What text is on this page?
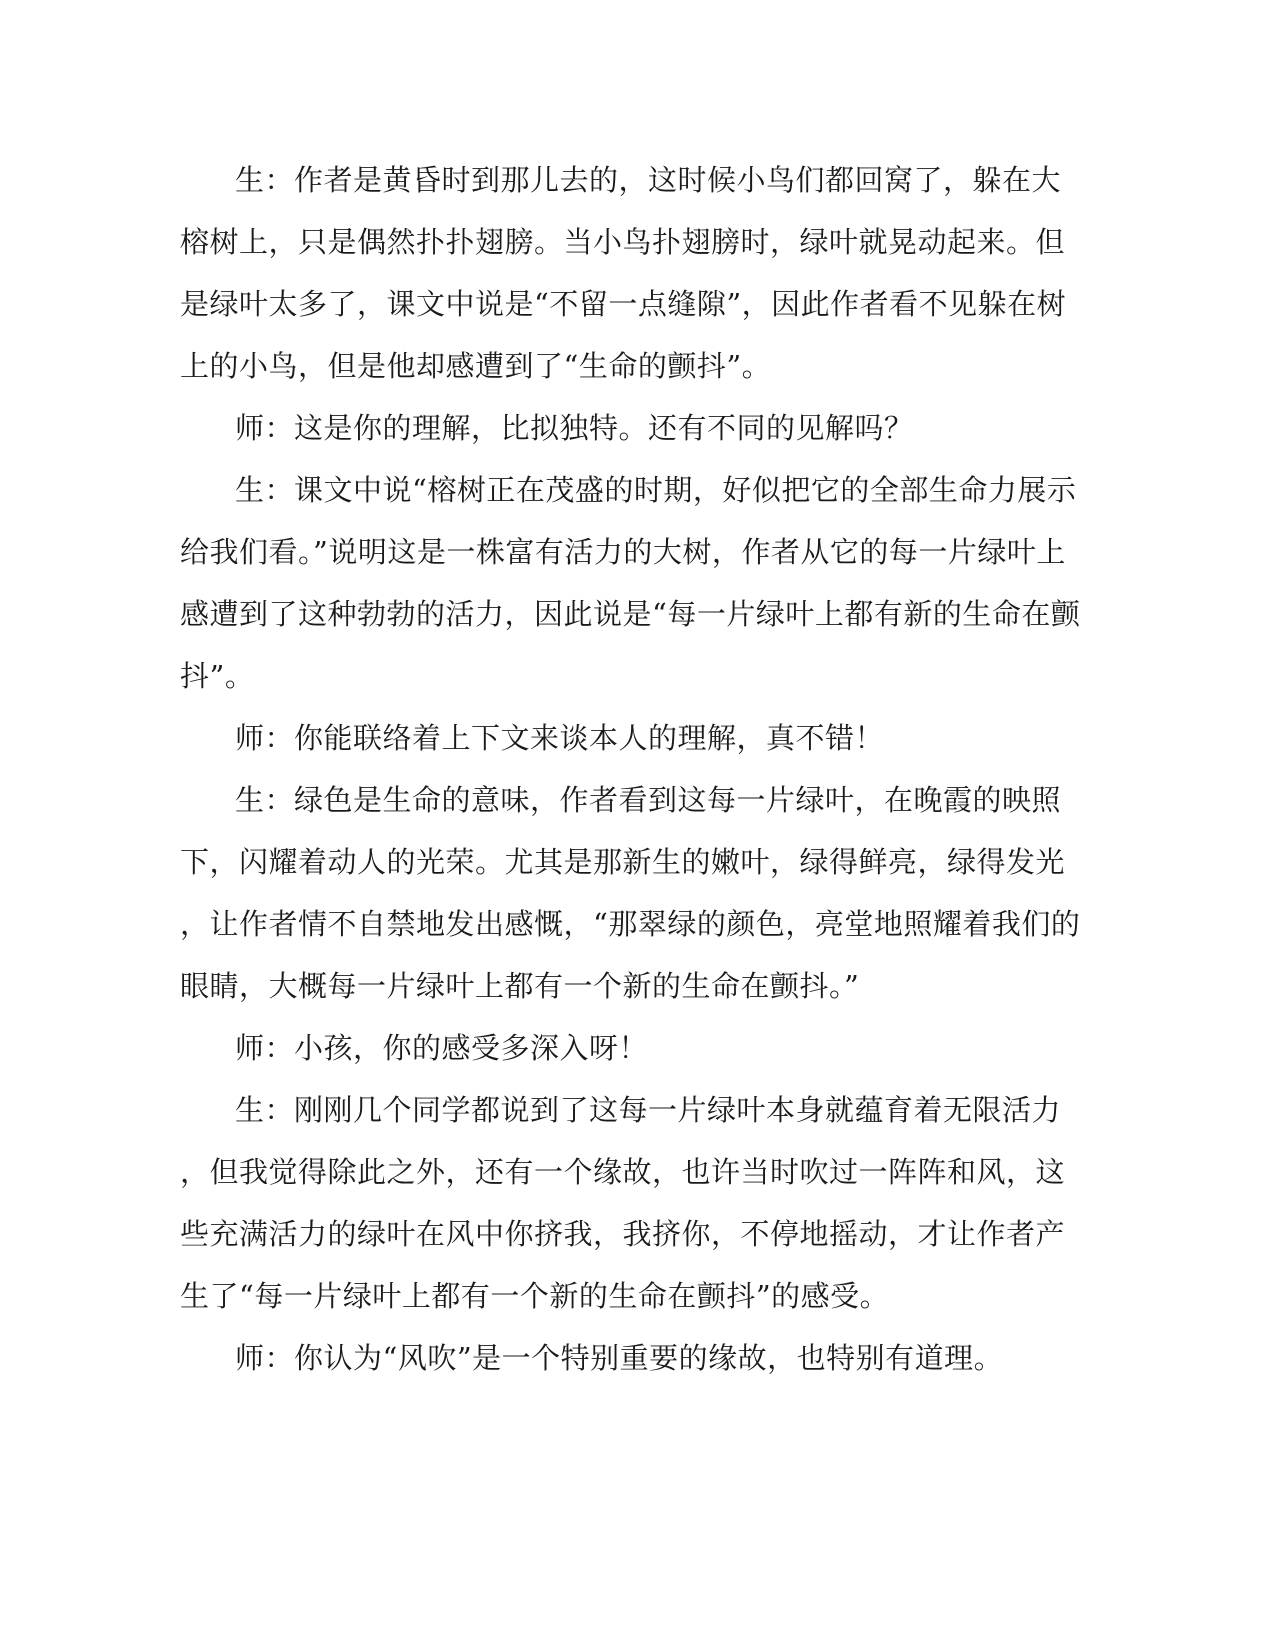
生：作者是黄昏时到那儿去的，这时候小鸟们都回窝了，躲在大
榕树上，只是偶然扑扑翅膀。当小鸟扑翅膀时，绿叶就晃动起来。但
是绿叶太多了，课文中说是“不留一点缝隙”，因此作者看不见躲在树
上的小鸟，但是他却感遭到了“生命的颤抖”。
师：这是你的理解，比拟独特。还有不同的见解吗？
生：课文中说“榕树正在茂盛的时期，好似把它的全部生命力展示
给我们看。”说明这是一株富有活力的大树，作者从它的每一片绿叶上
感遭到了这种勃勃的活力，因此说是“每一片绿叶上都有新的生命在颤
抖”。
师：你能联络着上下文来谈本人的理解，真不错！
生：绿色是生命的意味，作者看到这每一片绿叶，在晚霞的映照
下，闪耀着动人的光荣。尤其是那新生的嫩叶，绿得鲜亮，绿得发光
，让作者情不自禁地发出感慨，“那翠绿的颜色，亮堂地照耀着我们的
眼睛，大概每一片绿叶上都有一个新的生命在颤抖。”
师：小孩，你的感受多深入呀！
生：刚刚几个同学都说到了这每一片绿叶本身就蕴育着无限活力
，但我觉得除此之外，还有一个缘故，也许当时吹过一阵阵和风，这
些充满活力的绿叶在风中你挤我，我挤你，不停地摇动，才让作者产
生了“每一片绿叶上都有一个新的生命在颤抖”的感受。
师：你认为“风吹”是一个特别重要的缘故，也特别有道理。
